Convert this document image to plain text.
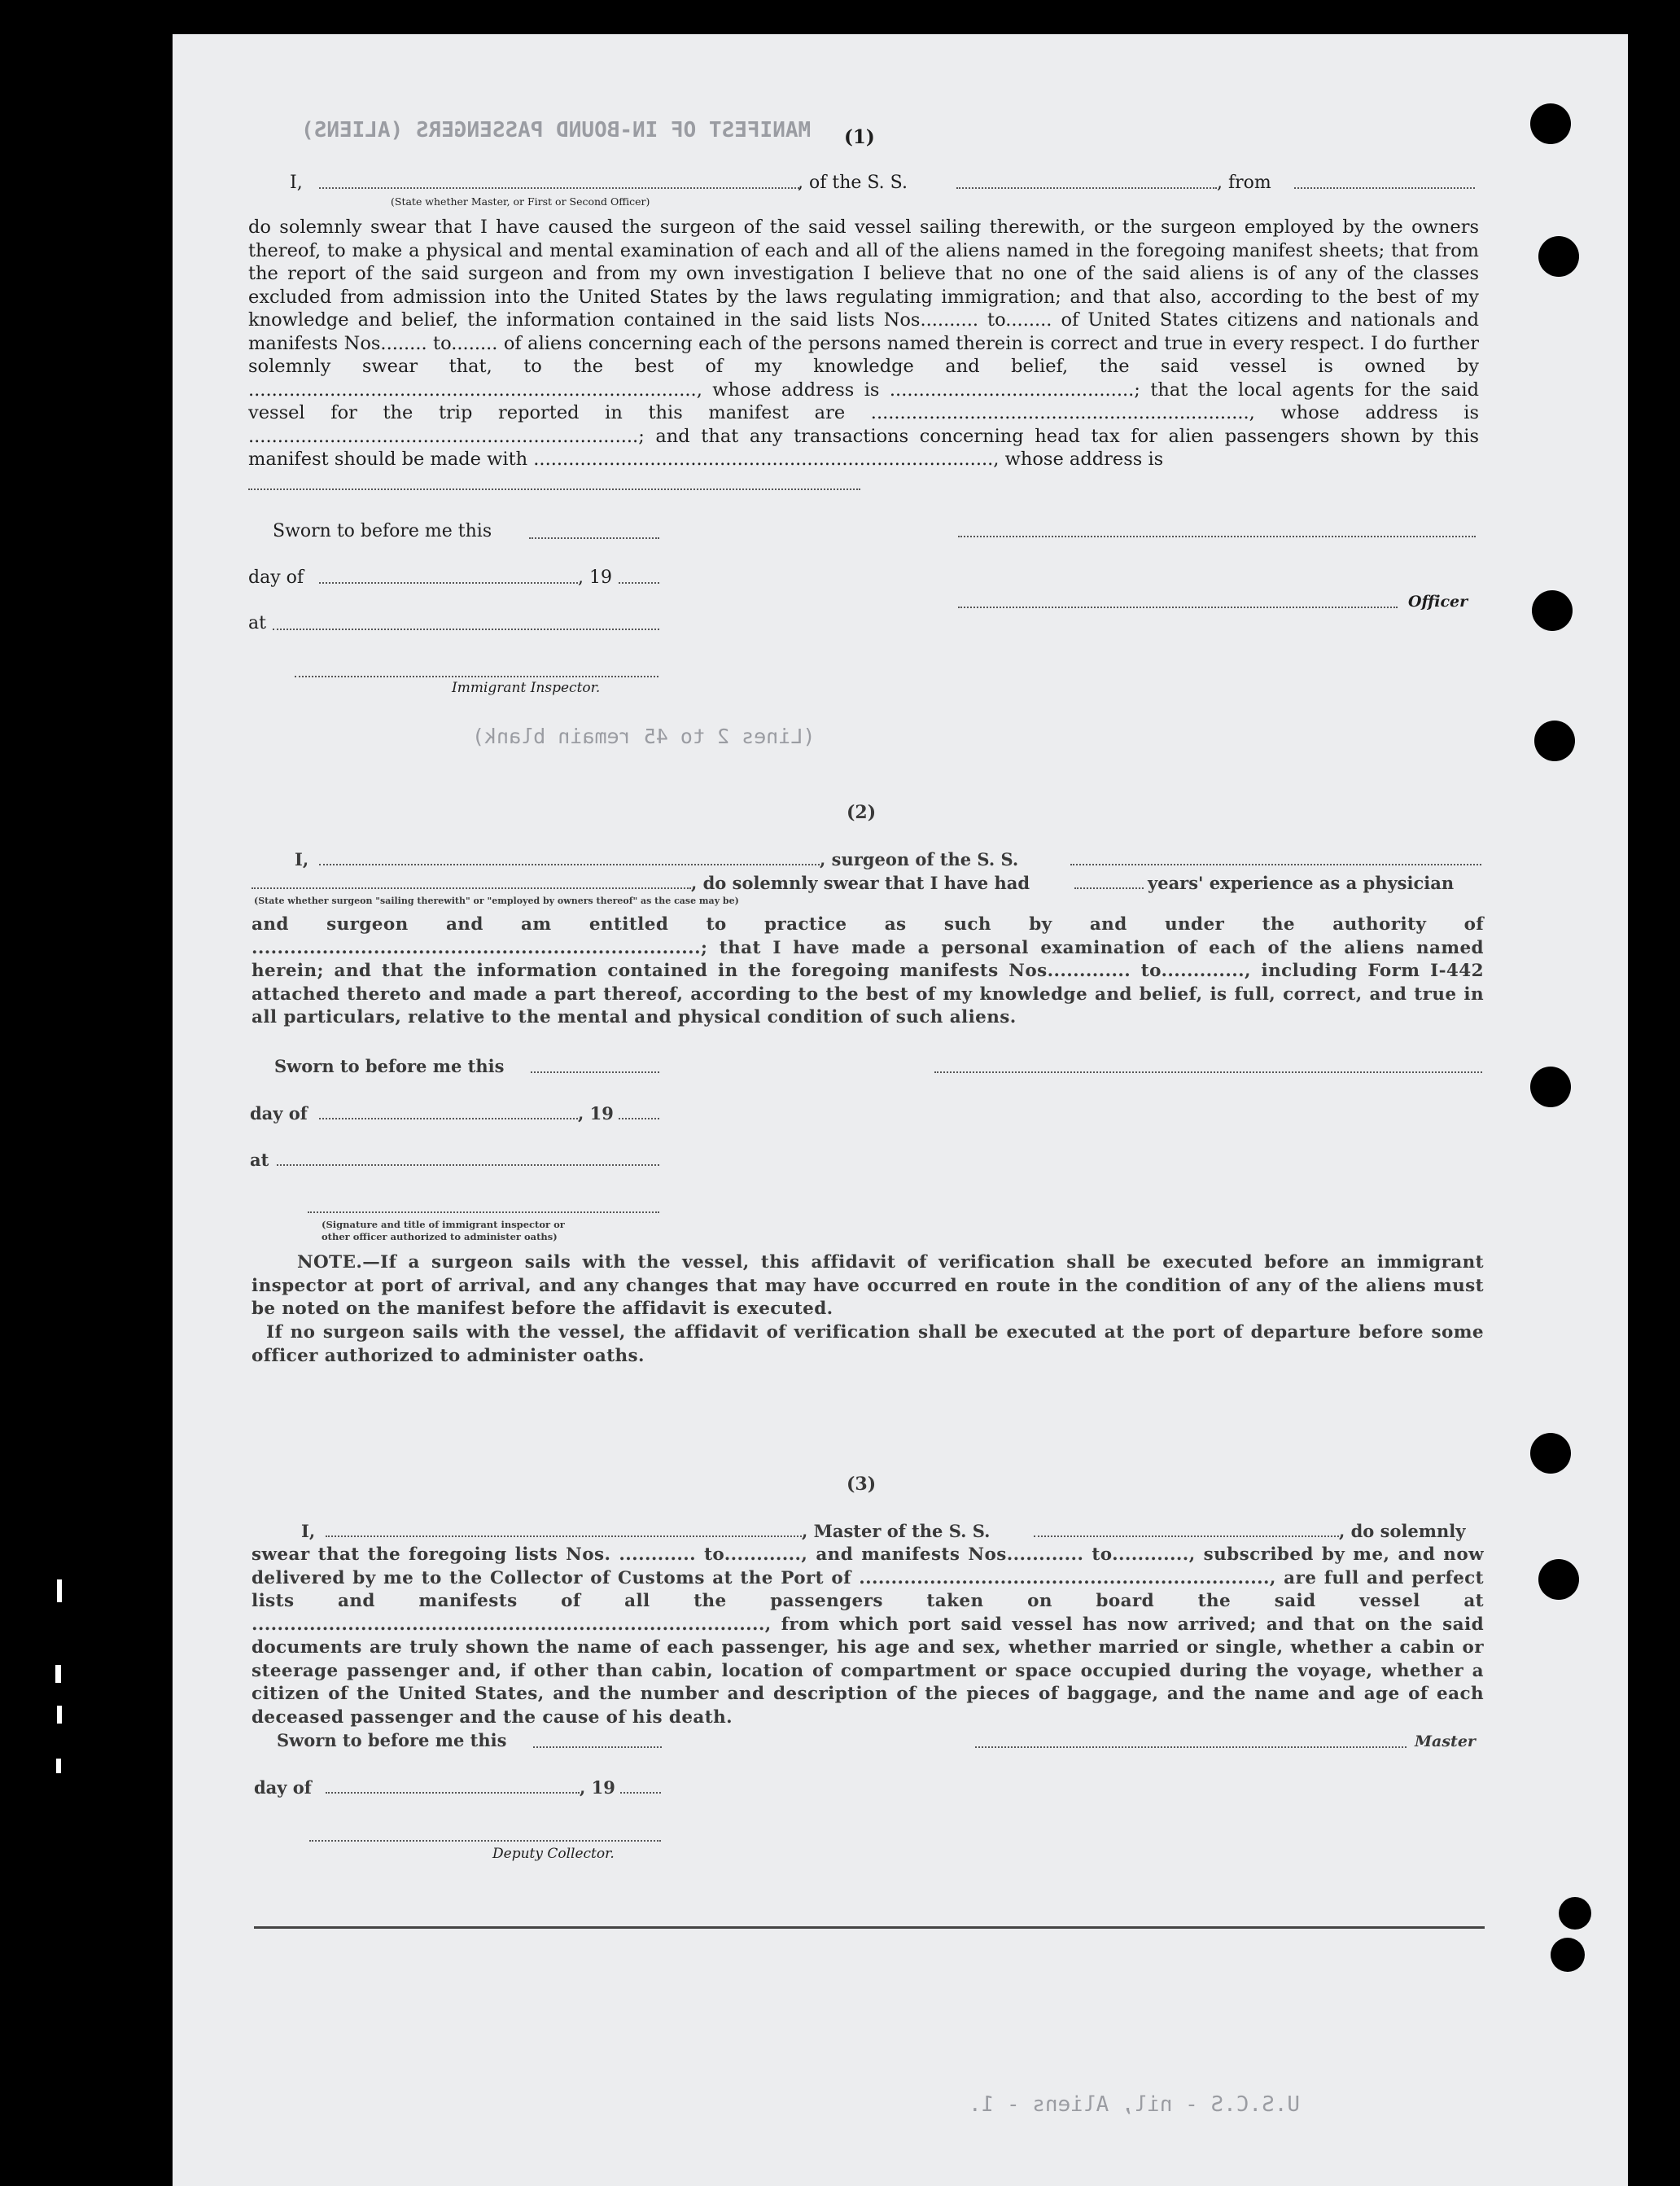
MANIFEST OF IN-BOUND PASSENGERS (ALIENS)
(Lines 2 to 45 remain blank)
U.S.C.S - nil, Aliens - 1.
(1)
I,	, of the S. S.	, from
(State whether Master, or First or Second Officer)
do solemnly swear that I have caused the surgeon of the said vessel sailing therewith, or the surgeon employed by the owners thereof, to make a physical and mental examination of each and all of the aliens named in the foregoing manifest sheets; that from the report of the said surgeon and from my own investigation I believe that no one of the said aliens is of any of the classes excluded from admission into the United States by the laws regulating immigration; and that also, according to the best of my knowledge and belief, the information contained in the said lists Nos.......... to........ of United States citizens and nationals and manifests Nos........ to........ of aliens concerning each of the persons named therein is correct and true in every respect. I do further solemnly swear that, to the best of my knowledge and belief, the said vessel is owned by ............................................................................., whose address is ..........................................; that the local agents for the said vessel for the trip reported in this manifest are ................................................................., whose address is ...................................................................; and that any transactions concerning head tax for alien passengers shown by this manifest should be made with ..............................................................................., whose address is
Sworn to before me this
day of	, 19
Officer
at
Immigrant Inspector.
(2)
I,	, surgeon of the S. S.
, do solemnly swear that I have had	years' experience as a physician
(State whether surgeon "sailing therewith" or "employed by owners thereof" as the case may be)
and surgeon and am entitled to practice as such by and under the authority of ......................................................................; that I have made a personal examination of each of the aliens named herein; and that the information contained in the foregoing manifests Nos............. to............., including Form I-442 attached thereto and made a part thereof, according to the best of my knowledge and belief, is full, correct, and true in all particulars, relative to the mental and physical condition of such aliens.
Sworn to before me this
day of	, 19
at
(Signature and title of immigrant inspector or
other officer authorized to administer oaths)
NOTE.—If a surgeon sails with the vessel, this affidavit of verification shall be executed before an immigrant inspector at port of arrival, and any changes that may have occurred en route in the condition of any of the aliens must be noted on the manifest before the affidavit is executed.
If no surgeon sails with the vessel, the affidavit of verification shall be executed at the port of departure before some officer authorized to administer oaths.
(3)
I,	, Master of the S. S.	, do solemnly
swear that the foregoing lists Nos. ............ to............, and manifests Nos............ to............, subscribed by me, and now delivered by me to the Collector of Customs at the Port of ................................................................, are full and perfect lists and manifests of all the passengers taken on board the said vessel at ................................................................................, from which port said vessel has now arrived; and that on the said documents are truly shown the name of each passenger, his age and sex, whether married or single, whether a cabin or steerage passenger and, if other than cabin, location of compartment or space occupied during the voyage, whether a citizen of the United States, and the number and description of the pieces of baggage, and the name and age of each deceased passenger and the cause of his death.
Sworn to before me this	Master
day of	, 19
Deputy Collector.
